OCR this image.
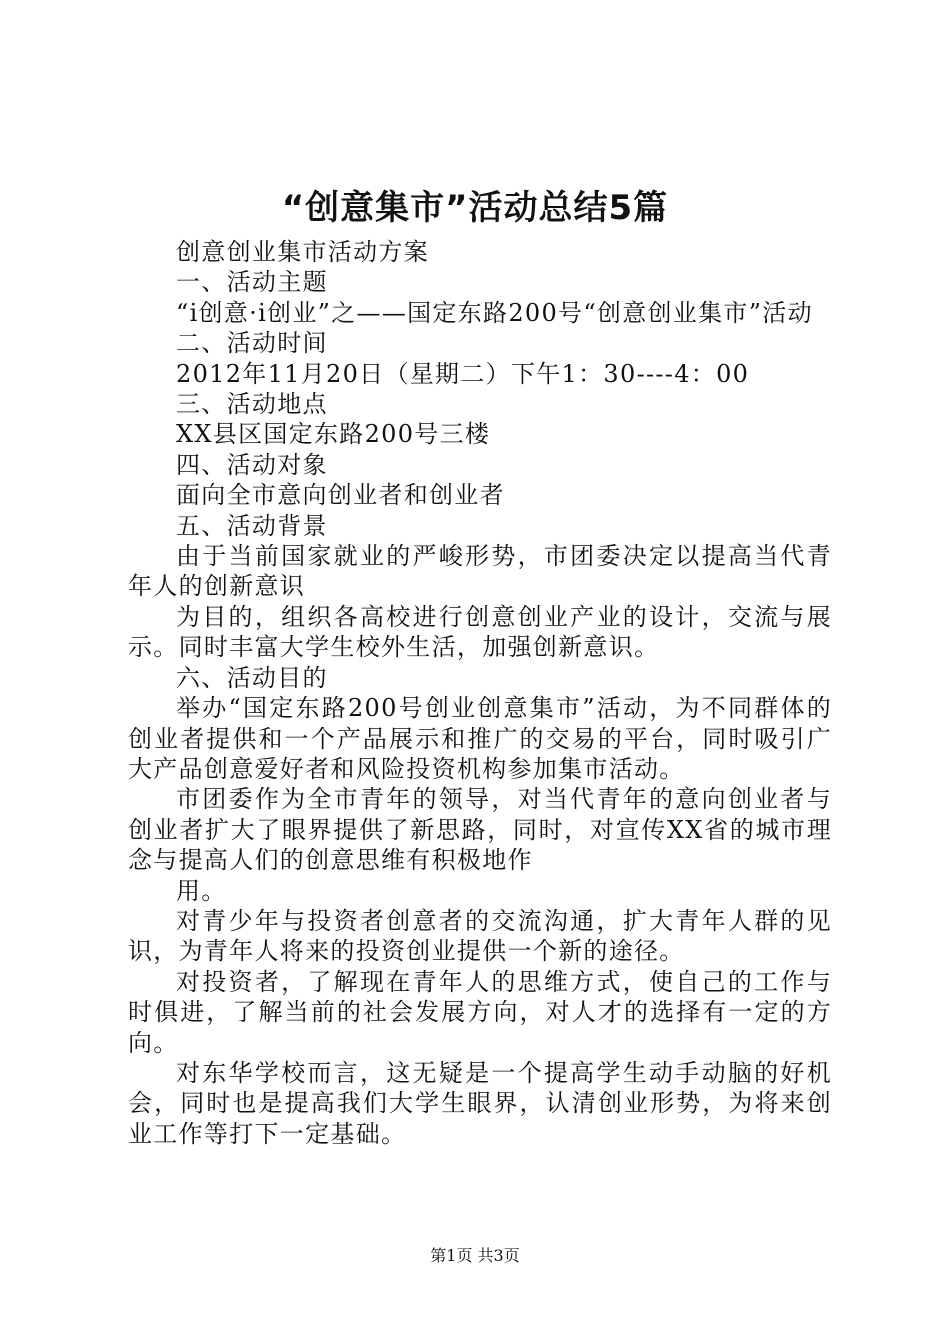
“创意集市”活动总结5篇

创意创业集市活动方案

一、活动主题

“i创意·i创业”之——国定东路200号“创意创业集市”活动

二、活动时间

2012年11月20日（星期二）下午1：30----4：00

三、活动地点

XX县区国定东路200号三楼

四、活动对象

面向全市意向创业者和创业者

五、活动背景

由于当前国家就业的严峻形势，市团委决定以提高当代青年人的创新意识

为目的，组织各高校进行创意创业产业的设计，交流与展示。同时丰富大学生校外生活，加强创新意识。

六、活动目的

举办“国定东路200号创业创意集市”活动，为不同群体的创业者提供和一个产品展示和推广的交易的平台，同时吸引广大产品创意爱好者和风险投资机构参加集市活动。

市团委作为全市青年的领导，对当代青年的意向创业者与创业者扩大了眼界提供了新思路，同时，对宣传XX省的城市理念与提高人们的创意思维有积极地作

用。

对青少年与投资者创意者的交流沟通，扩大青年人群的见识，为青年人将来的投资创业提供一个新的途径。

对投资者，了解现在青年人的思维方式，使自己的工作与时俱进，了解当前的社会发展方向，对人才的选择有一定的方向。

对东华学校而言，这无疑是一个提高学生动手动脑的好机会，同时也是提高我们大学生眼界，认清创业形势，为将来创业工作等打下一定基础。

第1页 共3页
